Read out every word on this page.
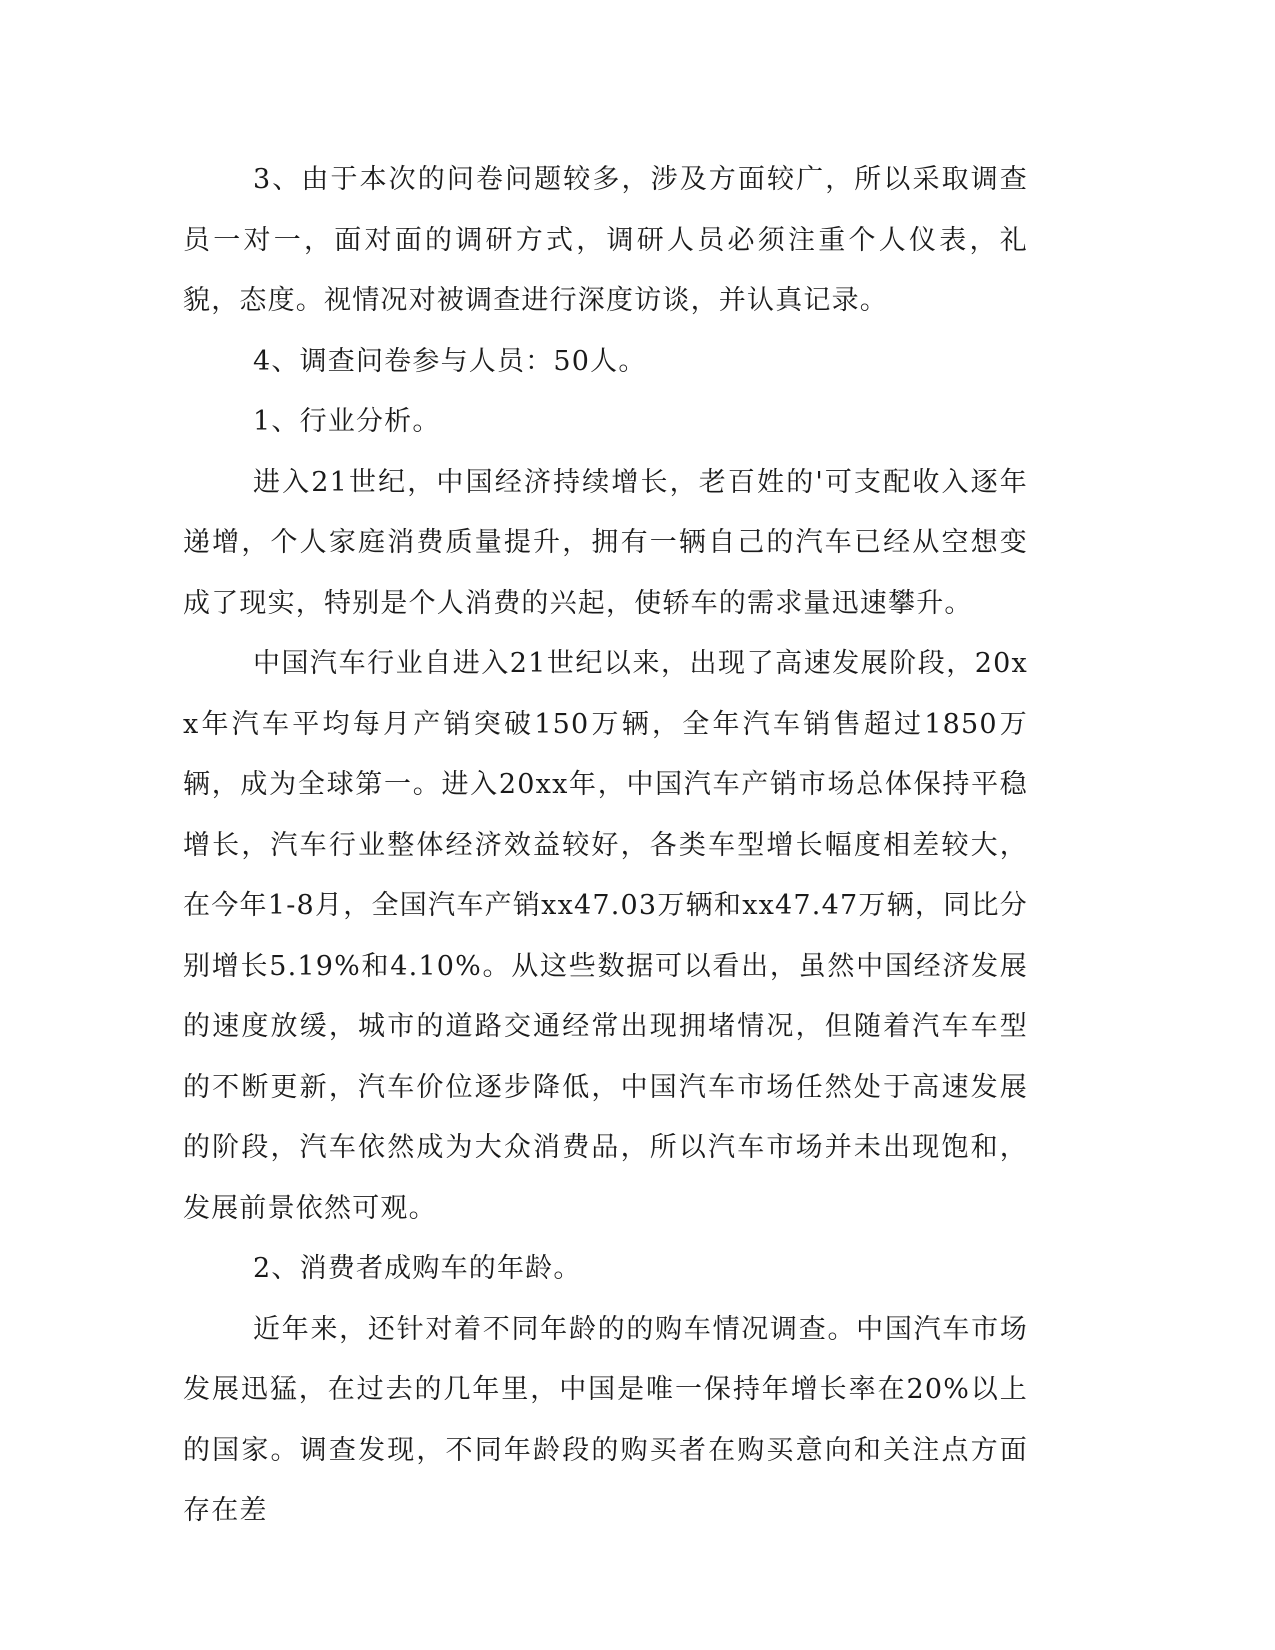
3、由于本次的问卷问题较多，涉及方面较广，所以采取调查员一对一，面对面的调研方式，调研人员必须注重个人仪表，礼貌，态度。视情况对被调查进行深度访谈，并认真记录。

4、调查问卷参与人员：50人。

1、行业分析。

进入21世纪，中国经济持续增长，老百姓的'可支配收入逐年递增，个人家庭消费质量提升，拥有一辆自己的汽车已经从空想变成了现实，特别是个人消费的兴起，使轿车的需求量迅速攀升。

中国汽车行业自进入21世纪以来，出现了高速发展阶段，20xx年汽车平均每月产销突破150万辆，全年汽车销售超过1850万辆，成为全球第一。进入20xx年，中国汽车产销市场总体保持平稳增长，汽车行业整体经济效益较好，各类车型增长幅度相差较大，在今年1-8月，全国汽车产销xx47.03万辆和xx47.47万辆，同比分别增长5.19%和4.10%。从这些数据可以看出，虽然中国经济发展的速度放缓，城市的道路交通经常出现拥堵情况，但随着汽车车型的不断更新，汽车价位逐步降低，中国汽车市场任然处于高速发展的阶段，汽车依然成为大众消费品，所以汽车市场并未出现饱和，发展前景依然可观。

2、消费者成购车的年龄。

近年来，还针对着不同年龄的的购车情况调查。中国汽车市场发展迅猛，在过去的几年里，中国是唯一保持年增长率在20%以上的国家。调查发现，不同年龄段的购买者在购买意向和关注点方面存在差
